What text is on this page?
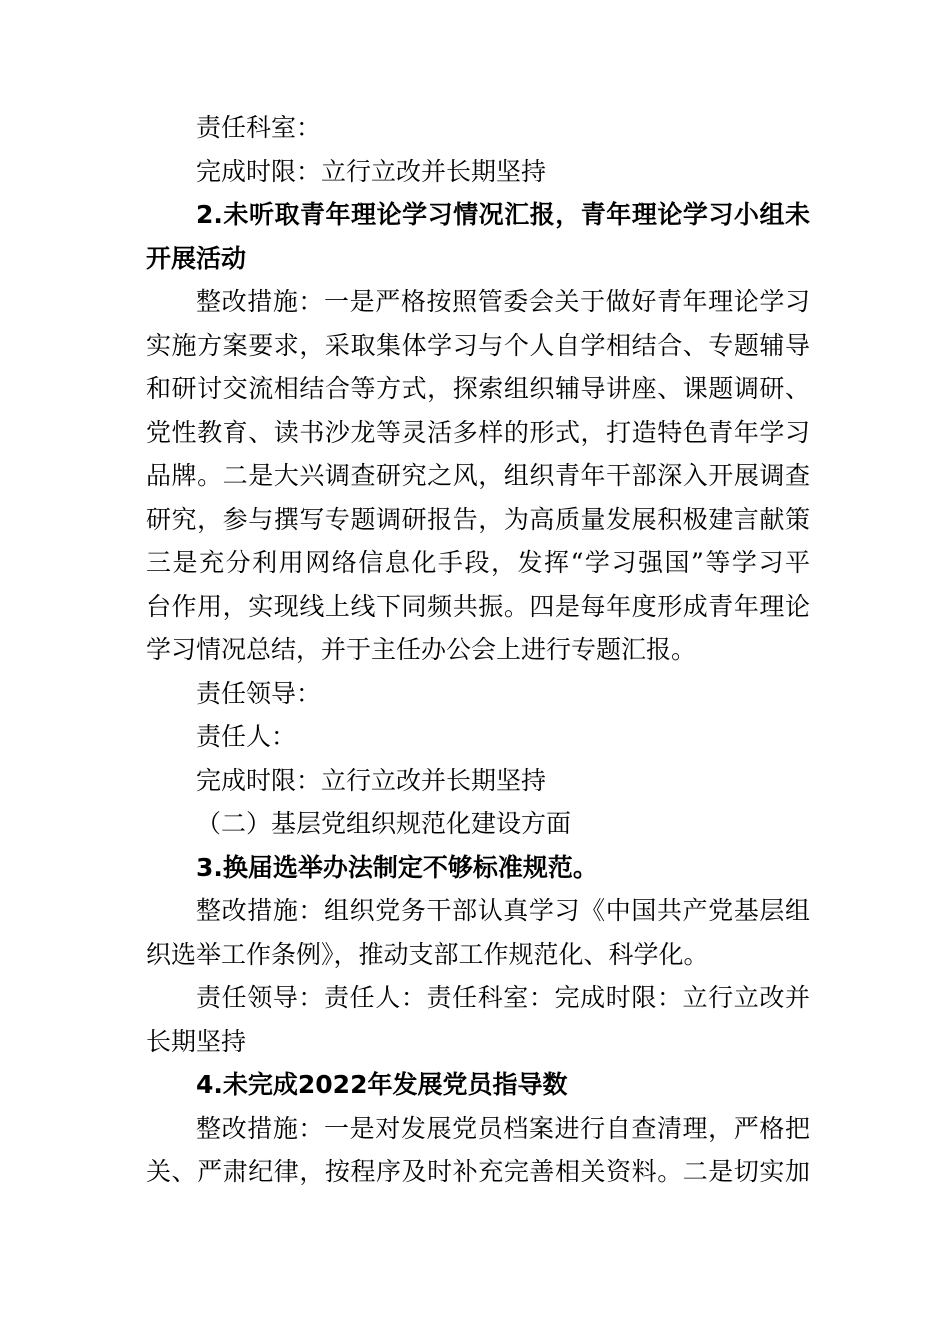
责任科室：

完成时限：立行立改并长期坚持

2.未听取青年理论学习情况汇报，青年理论学习小组未

开展活动

整改措施：一是严格按照管委会关于做好青年理论学习

实施方案要求，采取集体学习与个人自学相结合、专题辅导

和研讨交流相结合等方式，探索组织辅导讲座、课题调研、

党性教育、读书沙龙等灵活多样的形式，打造特色青年学习

品牌。二是大兴调查研究之风，组织青年干部深入开展调查

研究，参与撰写专题调研报告，为高质量发展积极建言献策

三是充分利用网络信息化手段，发挥“学习强国”等学习平

台作用，实现线上线下同频共振。四是每年度形成青年理论

学习情况总结，并于主任办公会上进行专题汇报。

责任领导：

责任人：

完成时限：立行立改并长期坚持

（二）基层党组织规范化建设方面

3.换届选举办法制定不够标准规范。

整改措施：组织党务干部认真学习《中国共产党基层组

织选举工作条例》，推动支部工作规范化、科学化。

责任领导：责任人：责任科室：完成时限：立行立改并

长期坚持

4.未完成2022年发展党员指导数

整改措施：一是对发展党员档案进行自查清理，严格把

关、严肃纪律，按程序及时补充完善相关资料。二是切实加
